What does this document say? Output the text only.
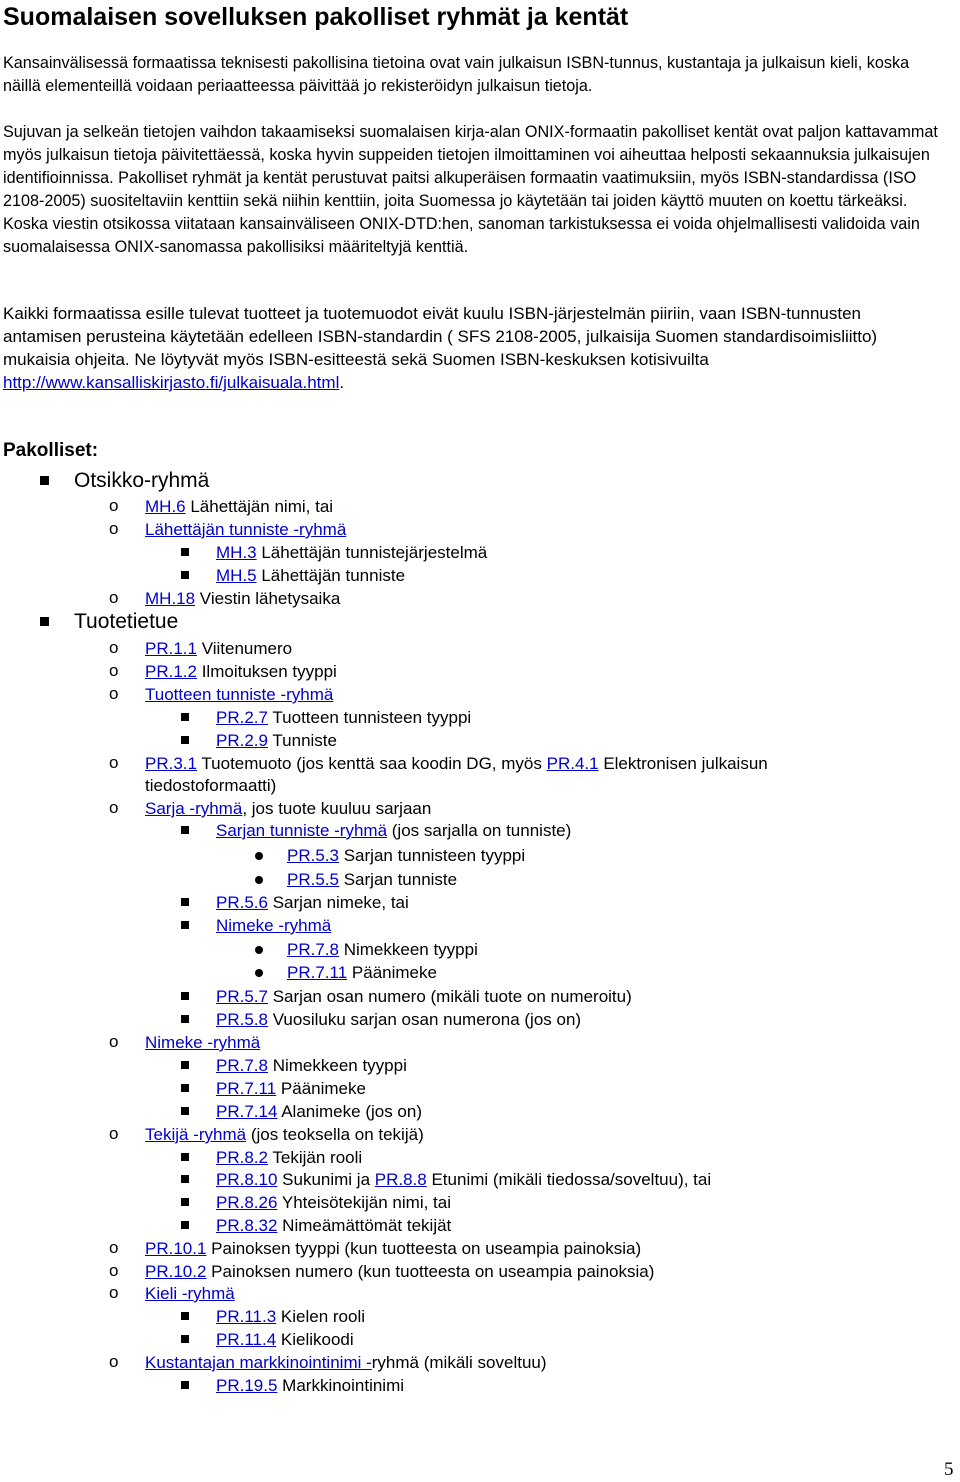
Suomalaisen sovelluksen pakolliset ryhmät ja kentät

Kansainvälisessä formaatissa teknisesti pakollisina tietoina ovat vain julkaisun ISBN-tunnus, kustantaja ja julkaisun kieli, koska näillä elementeillä voidaan periaatteessa päivittää jo rekisteröidyn julkaisun tietoja.

Sujuvan ja selkeän tietojen vaihdon takaamiseksi suomalaisen kirja-alan ONIX-formaatin pakolliset kentät ovat paljon kattavammat myös julkaisun tietoja päivitettäessä, koska hyvin suppeiden tietojen ilmoittaminen voi aiheuttaa helposti sekaannuksia julkaisujen identifioinnissa. Pakolliset ryhmät ja kentät perustuvat paitsi alkuperäisen formaatin vaatimuksiin, myös ISBN-standardissa (ISO 2108-2005) suositeltaviin kenttiin sekä niihin kenttiin, joita Suomessa jo käytetään tai joiden käyttö muuten on koettu tärkeäksi. Koska viestin otsikossa viitataan kansainväliseen ONIX-DTD:hen, sanoman tarkistuksessa ei voida ohjelmallisesti validoida vain suomalaisessa ONIX-sanomassa pakollisiksi määriteltyjä kenttiä.

Kaikki formaatissa esille tulevat tuotteet ja tuotemuodot eivät kuulu ISBN-järjestelmän piiriin, vaan ISBN-tunnusten antamisen perusteina käytetään edelleen ISBN-standardin ( SFS 2108-2005, julkaisija Suomen standardisoimisliitto) mukaisia ohjeita. Ne löytyvät myös ISBN-esitteestä sekä Suomen ISBN-keskuksen kotisivuilta http://www.kansalliskirjasto.fi/julkaisuala.html.

Pakolliset:
Otsikko-ryhmä
o MH.6 Lähettäjän nimi, tai
o Lähettäjän tunniste -ryhmä
MH.3 Lähettäjän tunnistejärjestelmä
MH.5 Lähettäjän tunniste
o MH.18 Viestin lähetysaika
Tuotetietue
o PR.1.1 Viitenumero
o PR.1.2 Ilmoituksen tyyppi
o Tuotteen tunniste -ryhmä
PR.2.7 Tuotteen tunnisteen tyyppi
PR.2.9 Tunniste
o PR.3.1 Tuotemuoto (jos kenttä saa koodin DG, myös PR.4.1 Elektronisen julkaisun
tiedostoformaatti)
o Sarja -ryhmä, jos tuote kuuluu sarjaan
Sarjan tunniste -ryhmä (jos sarjalla on tunniste)
PR.5.3 Sarjan tunnisteen tyyppi
PR.5.5 Sarjan tunniste
PR.5.6 Sarjan nimeke, tai
Nimeke -ryhmä
PR.7.8 Nimekkeen tyyppi
PR.7.11 Päänimeke
PR.5.7 Sarjan osan numero (mikäli tuote on numeroitu)
PR.5.8 Vuosiluku sarjan osan numerona (jos on)
o Nimeke -ryhmä
PR.7.8 Nimekkeen tyyppi
PR.7.11 Päänimeke
PR.7.14 Alanimeke (jos on)
o Tekijä -ryhmä (jos teoksella on tekijä)
PR.8.2 Tekijän rooli
PR.8.10 Sukunimi ja PR.8.8 Etunimi (mikäli tiedossa/soveltuu), tai
PR.8.26 Yhteisötekijän nimi, tai
PR.8.32 Nimeämättömät tekijät
o PR.10.1 Painoksen tyyppi (kun tuotteesta on useampia painoksia)
o PR.10.2 Painoksen numero (kun tuotteesta on useampia painoksia)
o Kieli -ryhmä
PR.11.3 Kielen rooli
PR.11.4 Kielikoodi
o Kustantajan markkinointinimi -ryhmä (mikäli soveltuu)
PR.19.5 Markkinointinimi
5
